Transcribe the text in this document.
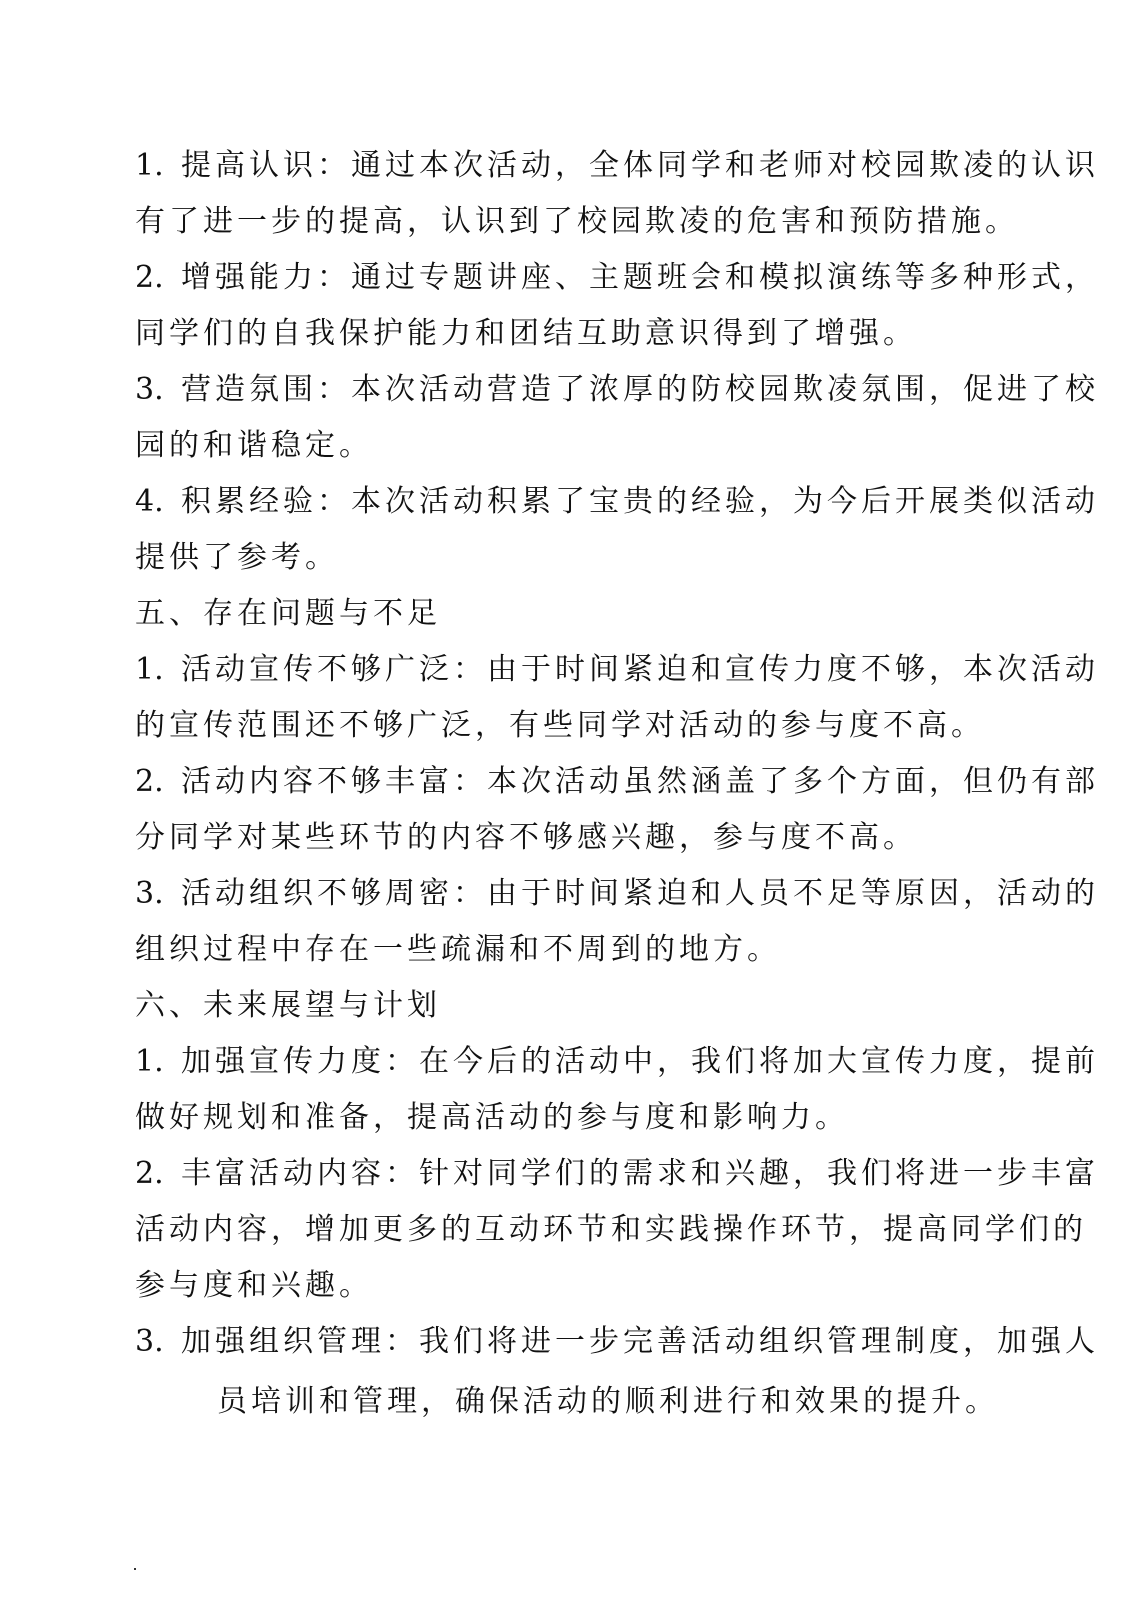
1. 提高认识：通过本次活动，全体同学和老师对校园欺凌的认识
有了进一步的提高，认识到了校园欺凌的危害和预防措施。
2. 增强能力：通过专题讲座、主题班会和模拟演练等多种形式，
同学们的自我保护能力和团结互助意识得到了增强。
3. 营造氛围：本次活动营造了浓厚的防校园欺凌氛围，促进了校
园的和谐稳定。
4. 积累经验：本次活动积累了宝贵的经验，为今后开展类似活动
提供了参考。
五、存在问题与不足
1. 活动宣传不够广泛：由于时间紧迫和宣传力度不够，本次活动
的宣传范围还不够广泛，有些同学对活动的参与度不高。
2. 活动内容不够丰富：本次活动虽然涵盖了多个方面，但仍有部
分同学对某些环节的内容不够感兴趣，参与度不高。
3. 活动组织不够周密：由于时间紧迫和人员不足等原因，活动的
组织过程中存在一些疏漏和不周到的地方。
六、未来展望与计划
1. 加强宣传力度：在今后的活动中，我们将加大宣传力度，提前
做好规划和准备，提高活动的参与度和影响力。
2. 丰富活动内容：针对同学们的需求和兴趣，我们将进一步丰富
活动内容，增加更多的互动环节和实践操作环节，提高同学们的
参与度和兴趣。
3. 加强组织管理：我们将进一步完善活动组织管理制度，加强人
员培训和管理，确保活动的顺利进行和效果的提升。
